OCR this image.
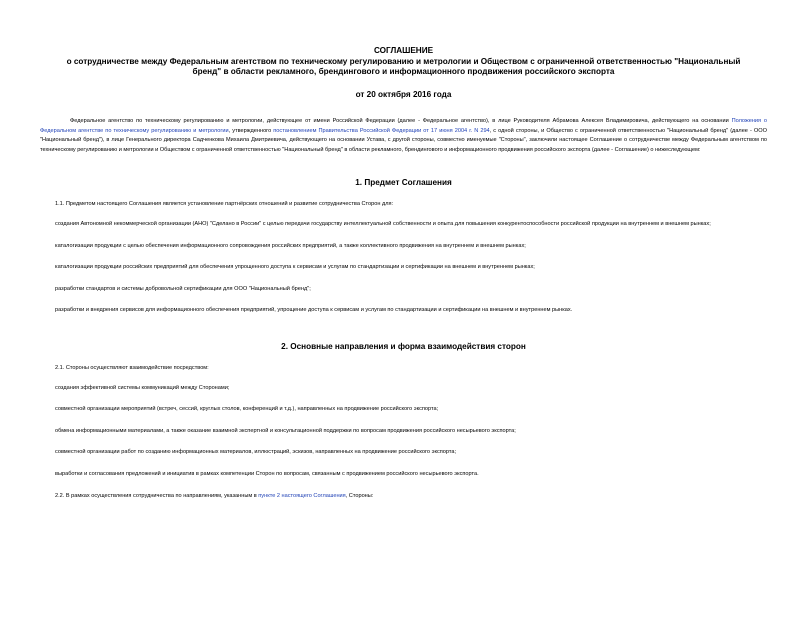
СОГЛАШЕНИЕ
о сотрудничестве между Федеральным агентством по техническому регулированию и метрологии и Обществом с ограниченной ответственностью "Национальный
бренд" в области рекламного, брендингового и информационного продвижения российского экспорта
от 20 октября 2016 года

Федеральное агентство по техническому регулированию и метрологии, действующее от имени Российской Федерации (далее - Федеральное агентство), в лице Руководителя Абрамова Алексея Владимировича, действующего на основании Положения о Федеральном агентстве по техническому регулированию и метрологии, утвержденного постановлением Правительства Российской Федерации от 17 июня 2004 г. N 294, с одной стороны, и Общество с ограниченной ответственностью "Национальный бренд" (далее - ООО "Национальный бренд"), в лице Генерального директора Садченкова Михаила Дмитриевича, действующего на основании Устава, с другой стороны, совместно именуемые "Стороны", заключили настоящее Соглашение о сотрудничестве между Федеральным агентством по техническому регулированию и метрологии и Обществом с ограниченной ответственностью "Национальный бренд" в области рекламного, брендингового и информационного продвижения российского экспорта (далее - Соглашение) о нижеследующем:

1. Предмет Соглашения

1.1. Предметом настоящего Соглашения является установление партнёрских отношений и развитие сотрудничества Сторон для:

создания Автономной некоммерческой организации (АНО) "Сделано в России" с целью передачи государству интеллектуальной собственности и опыта для повышения конкурентоспособности российской продукции на внутреннем и внешнем рынках;

каталогизации продукции с целью обеспечения информационного сопровождения российских предприятий, а также коллективного продвижения на внутреннем и внешнем рынках;

каталогизации продукции российских предприятий для обеспечения упрощенного доступа к сервисам и услугам по стандартизации и сертификации на внешнем и внутреннем рынках;

разработки стандартов и системы добровольной сертификации для ООО "Национальный бренд";

разработки и внедрения сервисов для информационного обеспечения предприятий, упрощение доступа к сервисам и услугам по стандартизации и сертификации на внешнем и внутреннем рынках.

2. Основные направления и форма взаимодействия сторон

2.1. Стороны осуществляют взаимодействие посредством:

создания эффективной системы коммуникаций между Сторонами;

совместной организации мероприятий (встреч, сессий, круглых столов, конференций и т.д.), направленных на продвижение российского экспорта;

обмена информационными материалами, а также оказание взаимной экспертной и консультационной поддержки по вопросам продвижения российского несырьевого экспорта;

совместной организации работ по созданию информационных материалов, иллюстраций, эскизов, направленных на продвижение российского экспорта;

выработки и согласования предложений и инициатив в рамках компетенции Сторон по вопросам, связанным с продвижением российского несырьевого экспорта.

2.2. В рамках осуществления сотрудничества по направлениям, указанным в пункте 2 настоящего Соглашения, Стороны:
